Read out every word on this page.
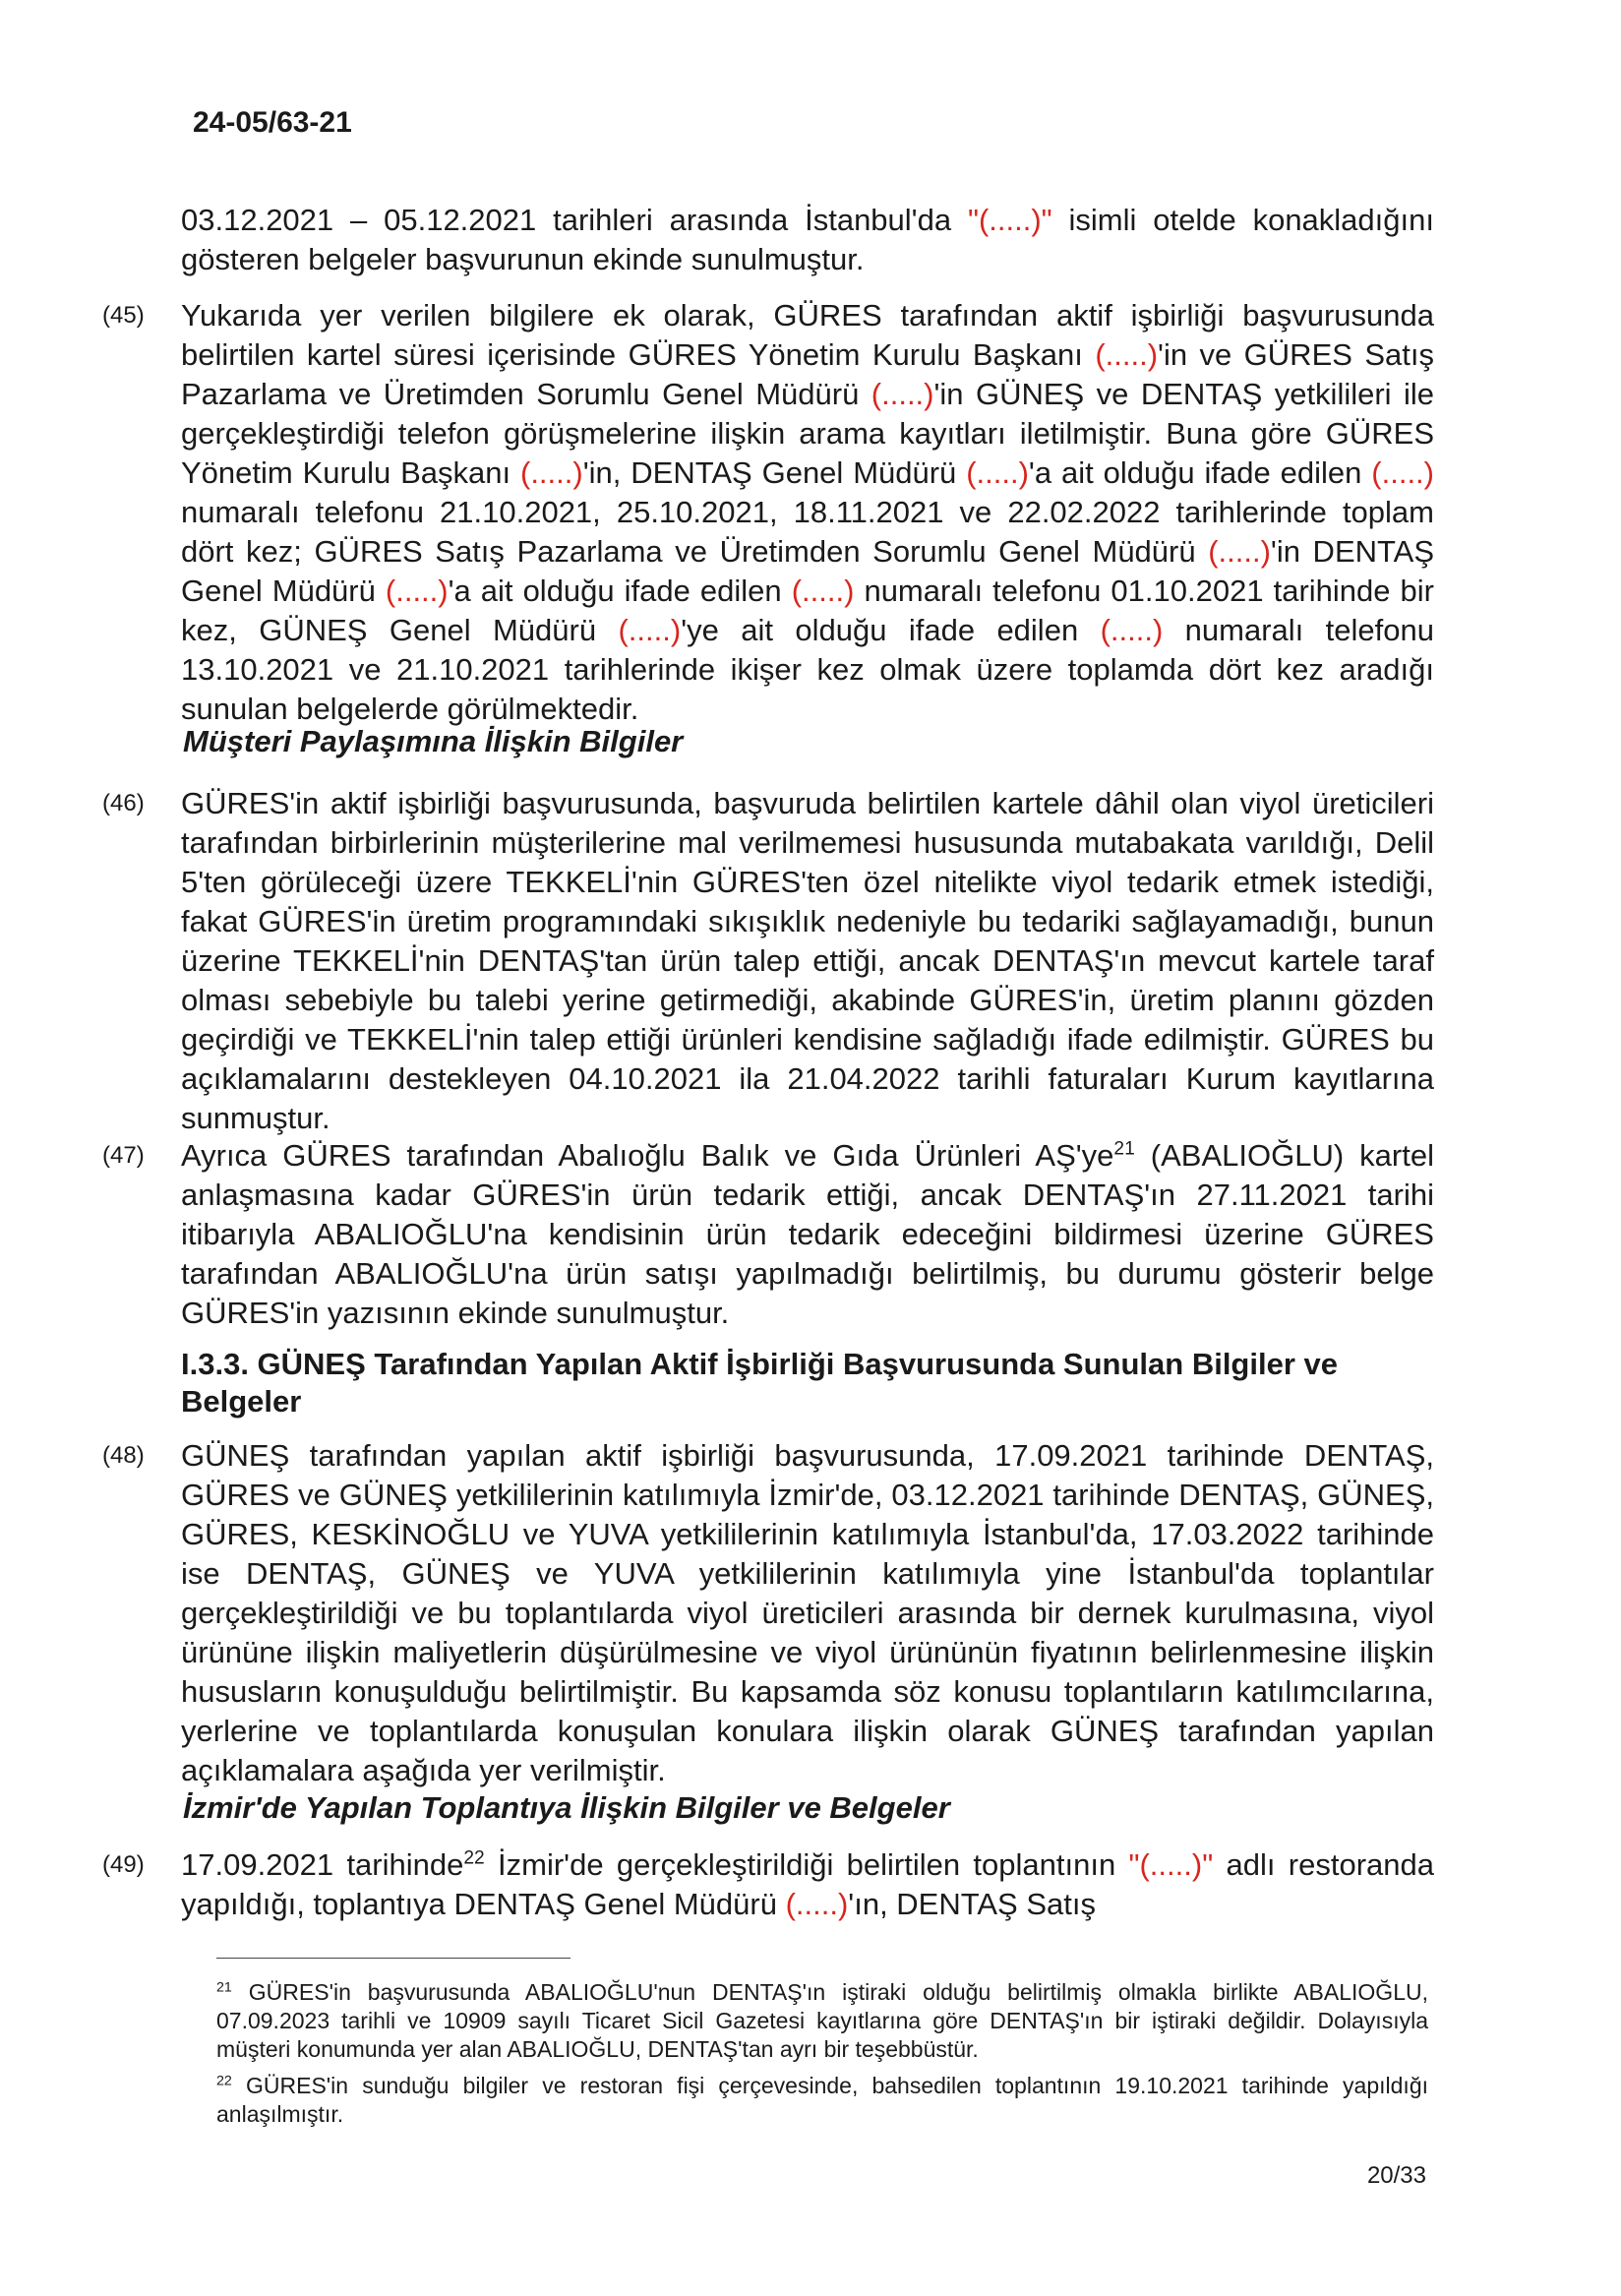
24-05/63-21
03.12.2021 – 05.12.2021 tarihleri arasında İstanbul'da "(.....)" isimli otelde konakladığını gösteren belgeler başvurunun ekinde sunulmuştur.
(45) Yukarıda yer verilen bilgilere ek olarak, GÜRES tarafından aktif işbirliği başvurusunda belirtilen kartel süresi içerisinde GÜRES Yönetim Kurulu Başkanı (.....)'in ve GÜRES Satış Pazarlama ve Üretimden Sorumlu Genel Müdürü (.....)'in GÜNEŞ ve DENTAŞ yetkilileri ile gerçekleştirdiği telefon görüşmelerine ilişkin arama kayıtları iletilmiştir. Buna göre GÜRES Yönetim Kurulu Başkanı (.....)'in, DENTAŞ Genel Müdürü (.....)'a ait olduğu ifade edilen (.....) numaralı telefonu 21.10.2021, 25.10.2021, 18.11.2021 ve 22.02.2022 tarihlerinde toplam dört kez; GÜRES Satış Pazarlama ve Üretimden Sorumlu Genel Müdürü (.....)'in DENTAŞ Genel Müdürü (.....)'a ait olduğu ifade edilen (.....) numaralı telefonu 01.10.2021 tarihinde bir kez, GÜNEŞ Genel Müdürü (.....)'ye ait olduğu ifade edilen (.....) numaralı telefonu 13.10.2021 ve 21.10.2021 tarihlerinde ikişer kez olmak üzere toplamda dört kez aradığı sunulan belgelerde görülmektedir.
Müşteri Paylaşımına İlişkin Bilgiler
(46) GÜRES'in aktif işbirliği başvurusunda, başvuruda belirtilen kartele dâhil olan viyol üreticileri tarafından birbirlerinin müşterilerine mal verilmemesi hususunda mutabakata varıldığı, Delil 5'ten görüleceği üzere TEKKELİ'nin GÜRES'ten özel nitelikte viyol tedarik etmek istediği, fakat GÜRES'in üretim programındaki sıkışıklık nedeniyle bu tedariki sağlayamadığı, bunun üzerine TEKKELİ'nin DENTAŞ'tan ürün talep ettiği, ancak DENTAŞ'ın mevcut kartele taraf olması sebebiyle bu talebi yerine getirmediği, akabinde GÜRES'in, üretim planını gözden geçirdiği ve TEKKELİ'nin talep ettiği ürünleri kendisine sağladığı ifade edilmiştir. GÜRES bu açıklamalarını destekleyen 04.10.2021 ila 21.04.2022 tarihli faturaları Kurum kayıtlarına sunmuştur.
(47) Ayrıca GÜRES tarafından Abalıoğlu Balık ve Gıda Ürünleri $AŞ'ye^{21}$ (ABALIOĞLU) kartel anlaşmasına kadar GÜRES'in ürün tedarik ettiği, ancak DENTAŞ'ın 27.11.2021 tarihi itibarıyla ABALIOĞLU'na kendisinin ürün tedarik edeceğini bildirmesi üzerine GÜRES tarafından ABALIOĞLU'na ürün satışı yapılmadığı belirtilmiş, bu durumu gösterir belge GÜRES'in yazısının ekinde sunulmuştur.
I.3.3. GÜNEŞ Tarafından Yapılan Aktif İşbirliği Başvurusunda Sunulan Bilgiler ve Belgeler
(48) GÜNEŞ tarafından yapılan aktif işbirliği başvurusunda, 17.09.2021 tarihinde DENTAŞ, GÜRES ve GÜNEŞ yetkililerinin katılımıyla İzmir'de, 03.12.2021 tarihinde DENTAŞ, GÜNEŞ, GÜRES, KESKİNOĞLU ve YUVA yetkililerinin katılımıyla İstanbul'da, 17.03.2022 tarihinde ise DENTAŞ, GÜNEŞ ve YUVA yetkililerinin katılımıyla yine İstanbul'da toplantılar gerçekleştirildiği ve bu toplantılarda viyol üreticileri arasında bir dernek kurulmasına, viyol ürününe ilişkin maliyetlerin düşürülmesine ve viyol ürününün fiyatının belirlenmesine ilişkin hususların konuşulduğu belirtilmiştir. Bu kapsamda söz konusu toplantıların katılımcılarına, yerlerine ve toplantılarda konuşulan konulara ilişkin olarak GÜNEŞ tarafından yapılan açıklamalara aşağıda yer verilmiştir.
İzmir'de Yapılan Toplantıya İlişkin Bilgiler ve Belgeler
(49) 17.09.2021 tarihinde$^{22}$ İzmir'de gerçekleştirildiği belirtilen toplantının "(.....)" adlı restoranda yapıldığı, toplantıya DENTAŞ Genel Müdürü (.....)'ın, DENTAŞ Satış
$^{21}$ GÜRES'in başvurusunda ABALIOĞLU'nun DENTAŞ'ın iştiraki olduğu belirtilmiş olmakla birlikte ABALIOĞLU, 07.09.2023 tarihli ve 10909 sayılı Ticaret Sicil Gazetesi kayıtlarına göre DENTAŞ'ın bir iştiraki değildir. Dolayısıyla müşteri konumunda yer alan ABALIOĞLU, DENTAŞ'tan ayrı bir teşebbüstür.
$^{22}$ GÜRES'in sunduğu bilgiler ve restoran fişi çerçevesinde, bahsedilen toplantının 19.10.2021 tarihinde yapıldığı anlaşılmıştır.
20/33
